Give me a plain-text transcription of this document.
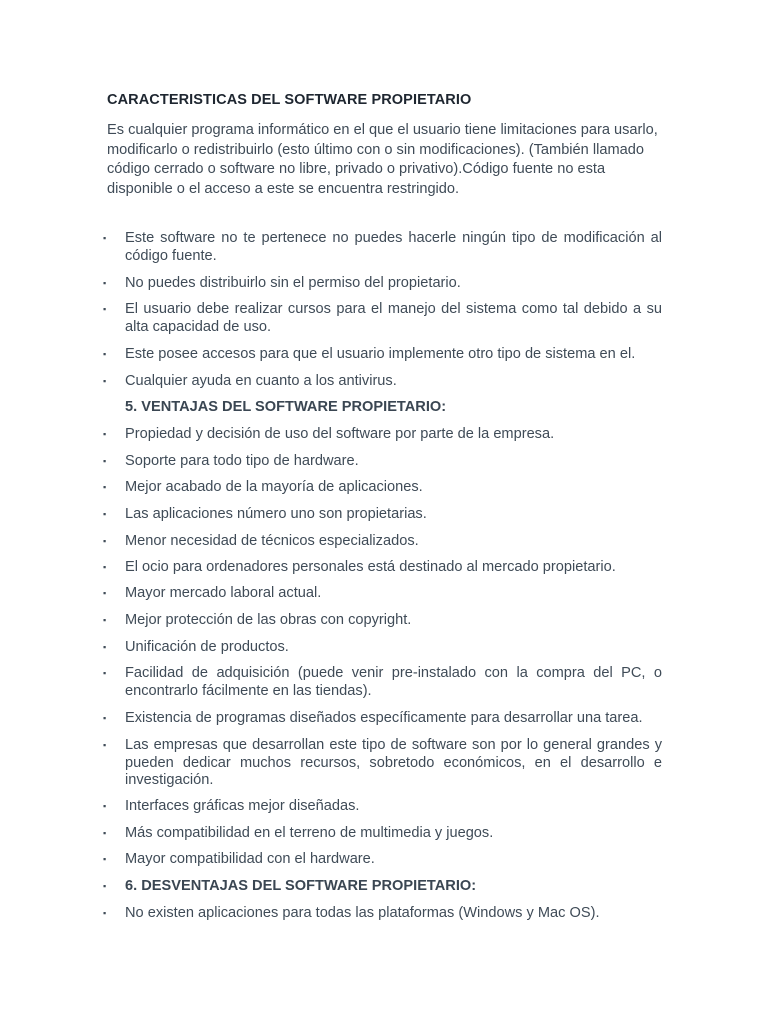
CARACTERISTICAS DEL SOFTWARE PROPIETARIO

Es cualquier programa informático en el que el usuario tiene limitaciones para usarlo, modificarlo o redistribuirlo (esto último con o sin modificaciones). (También llamado código cerrado o software no libre, privado o privativo).Código fuente no esta disponible o el acceso a este se encuentra restringido.

▪ Este software no te pertenece no puedes hacerle ningún tipo de modificación al código fuente.
▪ No puedes distribuirlo sin el permiso del propietario.
▪ El usuario debe realizar cursos para el manejo del sistema como tal debido a su alta capacidad de uso.
▪ Este posee accesos para que el usuario implemente otro tipo de sistema en el.
▪ Cualquier ayuda en cuanto a los antivirus.
5. VENTAJAS DEL SOFTWARE PROPIETARIO:
▪ Propiedad y decisión de uso del software por parte de la empresa.
▪ Soporte para todo tipo de hardware.
▪ Mejor acabado de la mayoría de aplicaciones.
▪ Las aplicaciones número uno son propietarias.
▪ Menor necesidad de técnicos especializados.
▪ El ocio para ordenadores personales está destinado al mercado propietario.
▪ Mayor mercado laboral actual.
▪ Mejor protección de las obras con copyright.
▪ Unificación de productos.
▪ Facilidad de adquisición (puede venir pre-instalado con la compra del PC, o encontrarlo fácilmente en las tiendas).
▪ Existencia de programas diseñados específicamente para desarrollar una tarea.
▪ Las empresas que desarrollan este tipo de software son por lo general grandes y pueden dedicar muchos recursos, sobretodo económicos, en el desarrollo e investigación.
▪ Interfaces gráficas mejor diseñadas.
▪ Más compatibilidad en el terreno de multimedia y juegos.
▪ Mayor compatibilidad con el hardware.
▪ 6. DESVENTAJAS DEL SOFTWARE PROPIETARIO:
▪ No existen aplicaciones para todas las plataformas (Windows y Mac OS).
